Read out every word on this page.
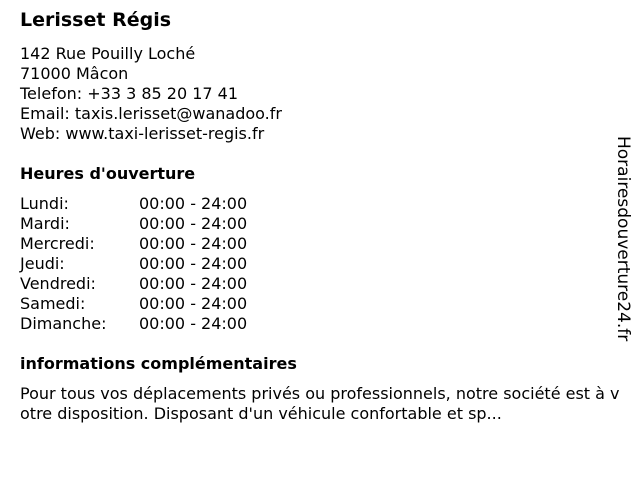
Lerisset Régis
142 Rue Pouilly Loché
71000 Mâcon
Telefon: +33 3 85 20 17 41
Email: taxis.lerisset@wanadoo.fr
Web: www.taxi-lerisset-regis.fr
Heures d'ouverture
Lundi:	00:00 - 24:00
Mardi:	00:00 - 24:00
Mercredi:	00:00 - 24:00
Jeudi:	00:00 - 24:00
Vendredi:	00:00 - 24:00
Samedi:	00:00 - 24:00
Dimanche: 00:00 - 24:00
informations complémentaires
Pour tous vos déplacements privés ou professionnels, notre société est à votre disposition. Disposant d'un véhicule confortable et sp...
Horairesdouverture24.fr
